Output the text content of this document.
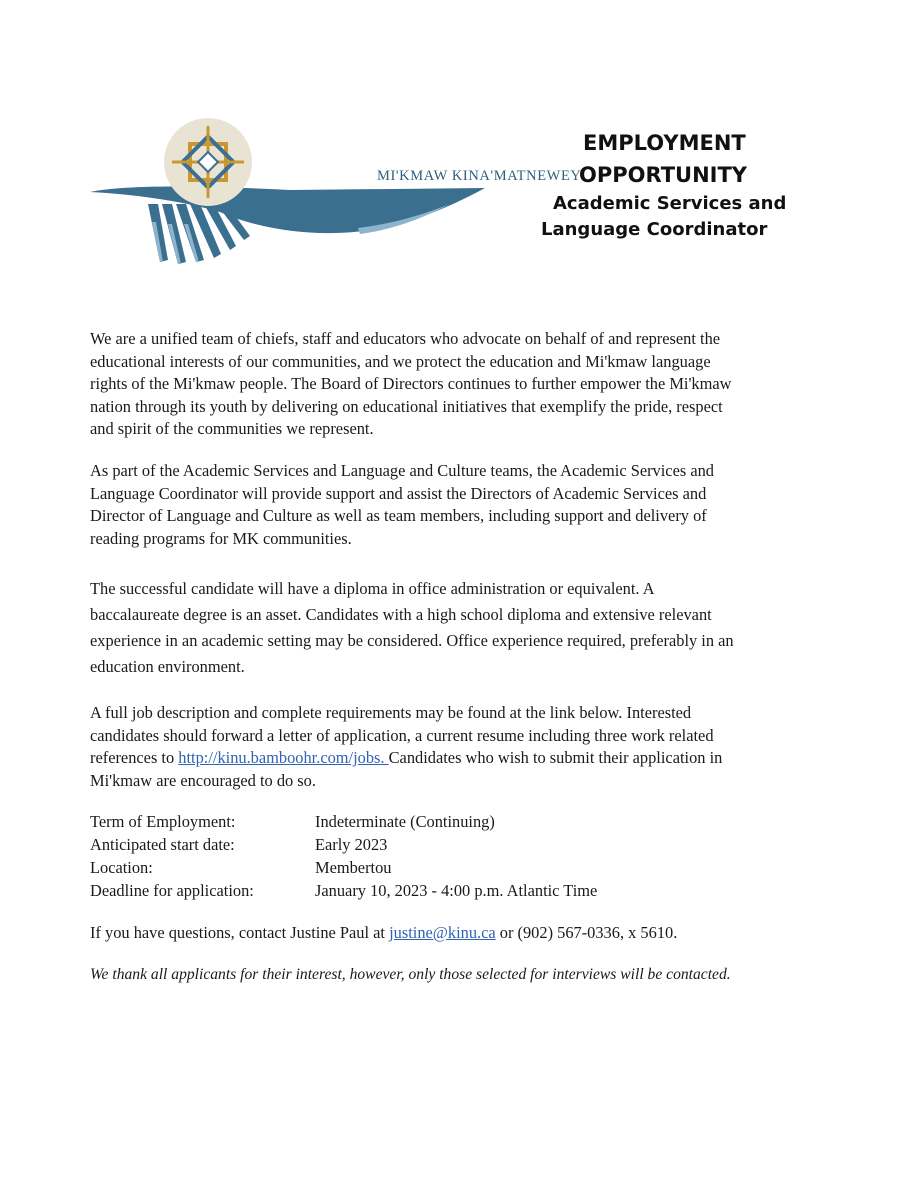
MI'KMAW KINA'MATNEWEY
EMPLOYMENT
OPPORTUNITY
Academic Services and
Language Coordinator
We are a unified team of chiefs, staff and educators who advocate on behalf of and represent the
educational interests of our communities, and we protect the education and Mi'kmaw language
rights of the Mi'kmaw people. The Board of Directors continues to further empower the Mi'kmaw
nation through its youth by delivering on educational initiatives that exemplify the pride, respect
and spirit of the communities we represent.
As part of the Academic Services and Language and Culture teams, the Academic Services and
Language Coordinator will provide support and assist the Directors of Academic Services and
Director of Language and Culture as well as team members, including support and delivery of
reading programs for MK communities.
The successful candidate will have a diploma in office administration or equivalent. A
baccalaureate degree is an asset. Candidates with a high school diploma and extensive relevant
experience in an academic setting may be considered. Office experience required, preferably in an
education environment.
A full job description and complete requirements may be found at the link below. Interested
candidates should forward a letter of application, a current resume including three work related
references to http://kinu.bamboohr.com/jobs. Candidates who wish to submit their application in
Mi'kmaw are encouraged to do so.
Term of Employment:	Indeterminate (Continuing)
Anticipated start date:	Early 2023
Location:	Membertou
Deadline for application:	January 10, 2023 - 4:00 p.m. Atlantic Time
If you have questions, contact Justine Paul at justine@kinu.ca or (902) 567-0336, x 5610.
We thank all applicants for their interest, however, only those selected for interviews will be contacted.
